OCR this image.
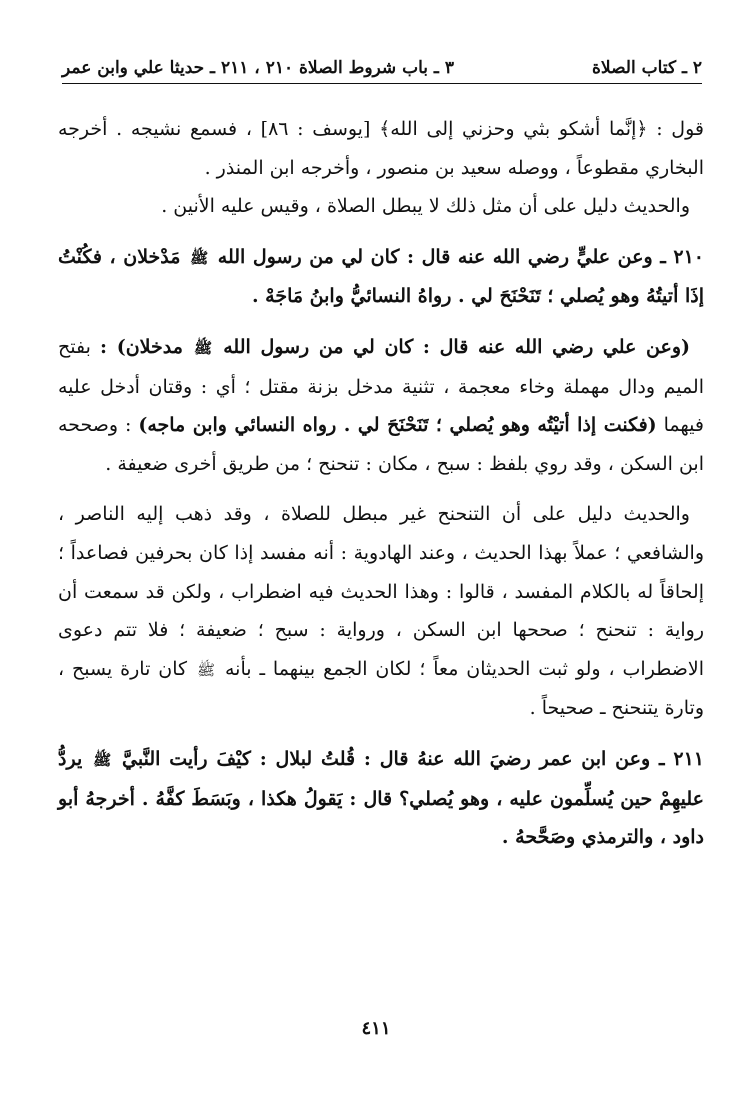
٢ ـ كتاب الصلاة
٣ ـ باب شروط الصلاة ٢١٠ ، ٢١١ ـ حديثا علي وابن عمر

قول : ﴿إنَّما أشكو بثي وحزني إلى الله﴾ [يوسف : ٨٦] ، فسمع نشيجه . أخرجه البخاري مقطوعاً ، ووصله سعيد بن منصور ، وأخرجه ابن المنذر .

والحديث دليل على أن مثل ذلك لا يبطل الصلاة ، وقيس عليه الأنين .

٢١٠ ـ وعن عليٍّ رضي الله عنه قال : كان لي من رسول الله ﷺ مَدْخلان ، فكُنْتُ إذَا أتيتُهُ وهو يُصلي ؛ تَنَحْنَحَ لي . رواهُ النسائيُّ وابنُ مَاجَهْ .

(وعن علي رضي الله عنه قال : كان لي من رسول الله ﷺ مدخلان) : بفتح الميم ودال مهملة وخاء معجمة ، تثنية مدخل بزنة مقتل ؛ أي : وقتان أدخل عليه فيهما (فكنت إذا أتيْتُه وهو يُصلي ؛ تَنَحْنَحَ لي . رواه النسائي وابن ماجه) : وصححه ابن السكن ، وقد روي بلفظ : سبح ، مكان : تنحنح ؛ من طريق أخرى ضعيفة .

والحديث دليل على أن التنحنح غير مبطل للصلاة ، وقد ذهب إليه الناصر ، والشافعي ؛ عملاً بهذا الحديث ، وعند الهادوية : أنه مفسد إذا كان بحرفين فصاعداً ؛ إلحاقاً له بالكلام المفسد ، قالوا : وهذا الحديث فيه اضطراب ، ولكن قد سمعت أن رواية : تنحنح ؛ صححها ابن السكن ، ورواية : سبح ؛ ضعيفة ؛ فلا تتم دعوى الاضطراب ، ولو ثبت الحديثان معاً ؛ لكان الجمع بينهما ـ بأنه ﷺ كان تارة يسبح ، وتارة يتنحنح ـ صحيحاً .

٢١١ ـ وعن ابن عمر رضيَ الله عنهُ قال : قُلتُ لبلال : كيْفَ رأيت النَّبيَّ ﷺ يردُّ عليهِمْ حين يُسلِّمون عليه ، وهو يُصلي؟ قال : يَقولُ هكذا ، وبَسَطَ كفَّهُ . أخرجهُ أبو داود ، والترمذي وصَحَّحهُ .

٤١١
